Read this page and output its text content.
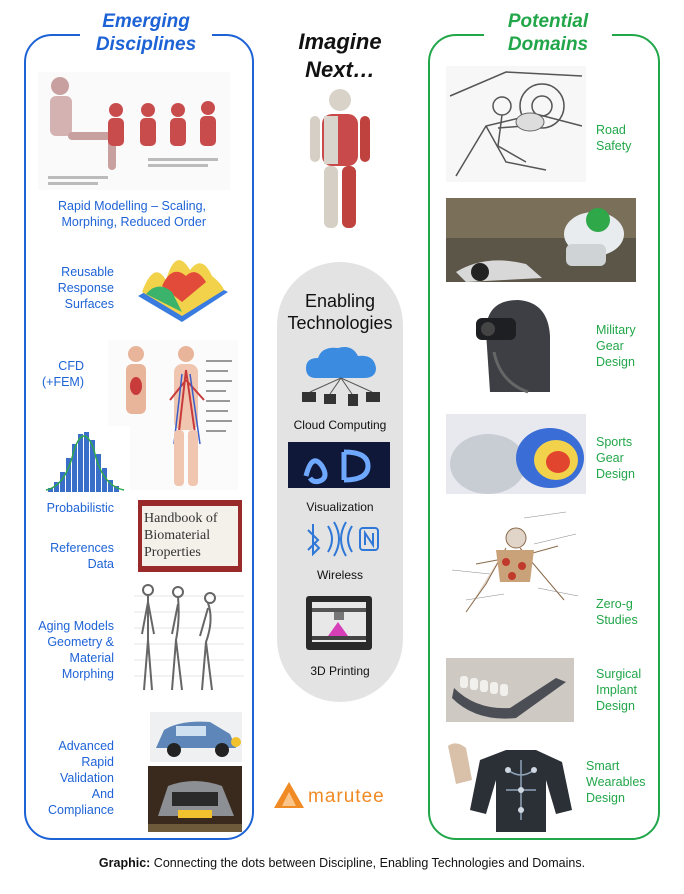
Emerging Disciplines
Potential Domains
Imagine Next…
Rapid Modelling – Scaling, Morphing, Reduced Order
Reusable Response Surfaces
CFD (+FEM)
Probabilistic
Handbook of Biomaterial Properties
References Data
Aging Models Geometry & Material Morphing
Advanced Rapid Validation And Compliance
Enabling Technologies
Cloud Computing
Visualization
Wireless
3D Printing
marutee
Road Safety
Military Gear Design
Sports Gear Design
Zero-g Studies
Surgical Implant Design
Smart Wearables Design
Graphic: Connecting the dots between Discipline, Enabling Technologies and Domains.
